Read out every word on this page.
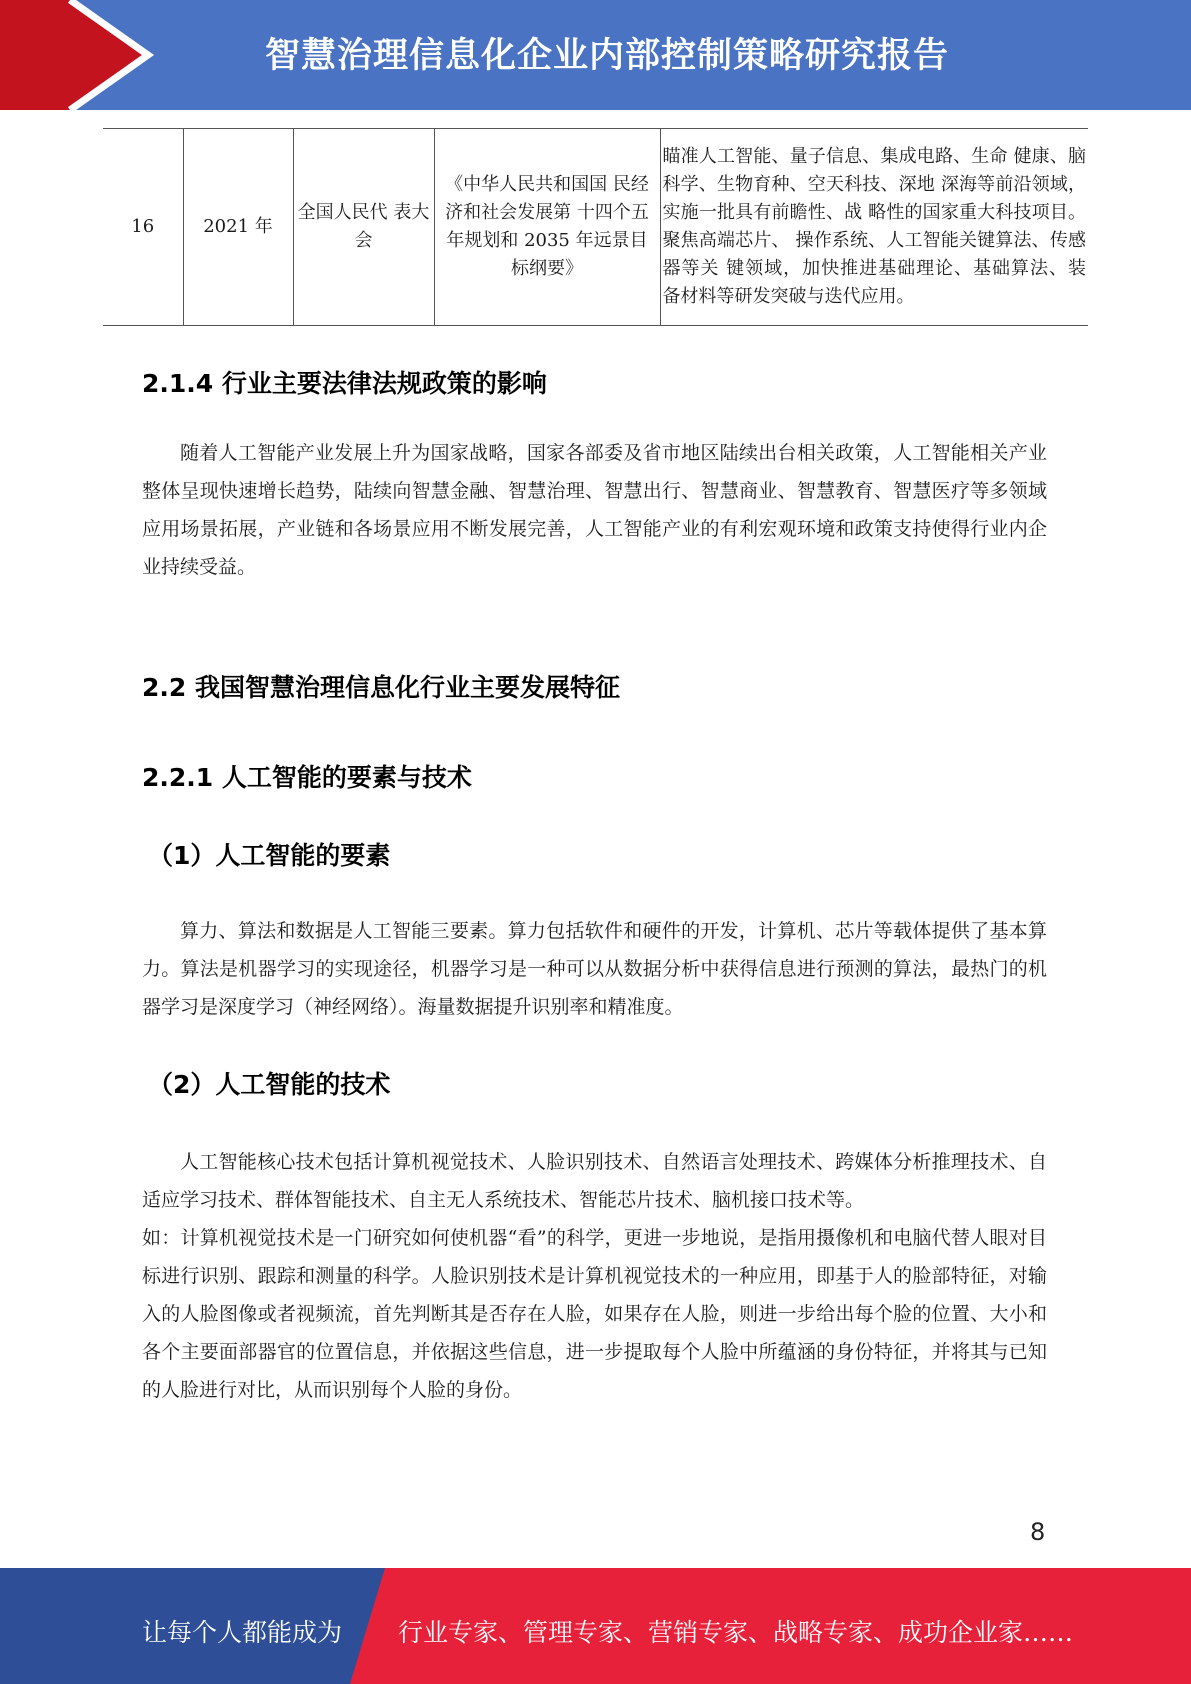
智慧治理信息化企业内部控制策略研究报告
16	2021 年	全国人民代 表大会	《中华人民共和国国 民经济和社会发展第 十四个五年规划和 2035 年远景目标纲要》	瞄准人工智能、量子信息、集成电路、生命 健康、脑科学、生物育种、空天科技、深地 深海等前沿领域，实施一批具有前瞻性、战 略性的国家重大科技项目。聚焦高端芯片、 操作系统、人工智能关键算法、传感器等关 键领域，加快推进基础理论、基础算法、装 备材料等研发突破与迭代应用。
2.1.4 行业主要法律法规政策的影响
随着人工智能产业发展上升为国家战略，国家各部委及省市地区陆续出台相关政策，人工智能相关产业整体呈现快速增长趋势，陆续向智慧金融、智慧治理、智慧出行、智慧商业、智慧教育、智慧医疗等多领域应用场景拓展，产业链和各场景应用不断发展完善，人工智能产业的有利宏观环境和政策支持使得行业内企业持续受益。
2.2 我国智慧治理信息化行业主要发展特征
2.2.1 人工智能的要素与技术
（1）人工智能的要素
算力、算法和数据是人工智能三要素。算力包括软件和硬件的开发，计算机、芯片等载体提供了基本算力。算法是机器学习的实现途径，机器学习是一种可以从数据分析中获得信息进行预测的算法，最热门的机器学习是深度学习（神经网络）。海量数据提升识别率和精准度。
（2）人工智能的技术
人工智能核心技术包括计算机视觉技术、人脸识别技术、自然语言处理技术、跨媒体分析推理技术、自适应学习技术、群体智能技术、自主无人系统技术、智能芯片技术、脑机接口技术等。
如：计算机视觉技术是一门研究如何使机器“看”的科学，更进一步地说，是指用摄像机和电脑代替人眼对目标进行识别、跟踪和测量的科学。人脸识别技术是计算机视觉技术的一种应用，即基于人的脸部特征，对输入的人脸图像或者视频流，首先判断其是否存在人脸，如果存在人脸，则进一步给出每个脸的位置、大小和各个主要面部器官的位置信息，并依据这些信息，进一步提取每个人脸中所蕴涵的身份特征，并将其与已知的人脸进行对比，从而识别每个人脸的身份。
8
让每个人都能成为 行业专家、管理专家、营销专家、战略专家、成功企业家……
